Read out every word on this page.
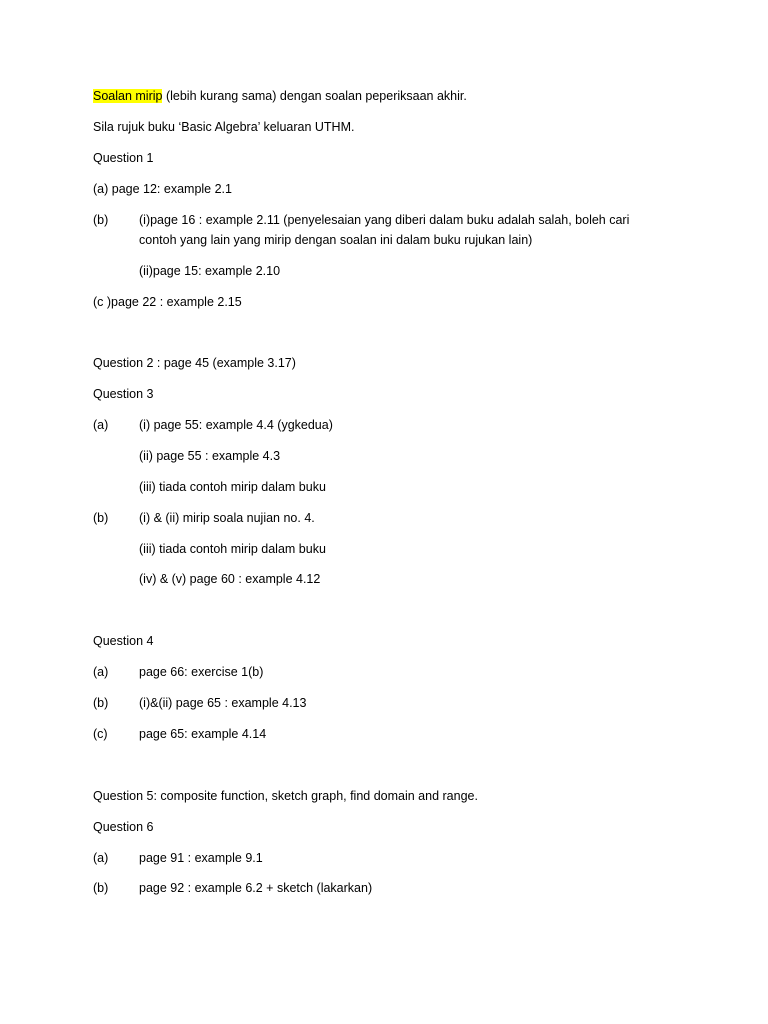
Soalan mirip (lebih kurang sama) dengan soalan peperiksaan akhir.
Sila rujuk buku ‘Basic Algebra’ keluaran UTHM.
Question 1
(a) page 12: example 2.1
(b) (i)page 16 : example 2.11 (penyelesaian yang diberi dalam buku adalah salah, boleh cari
contoh yang lain yang mirip dengan soalan ini dalam buku rujukan lain)
(ii)page 15: example 2.10
(c )page 22 : example 2.15
Question 2 : page 45 (example 3.17)
Question 3
(a) (i) page 55: example 4.4 (ygkedua)
(ii) page 55 : example 4.3
(iii) tiada contoh mirip dalam buku
(b) (i) & (ii) mirip soala nujian no. 4.
(iii) tiada contoh mirip dalam buku
(iv) & (v) page 60 : example 4.12
Question 4
(a) page 66: exercise 1(b)
(b) (i)&(ii) page 65 : example 4.13
(c)	page 65: example 4.14
Question 5: composite function, sketch graph, find domain and range.
Question 6
(a) page 91 : example 9.1
(b) page 92 : example 6.2 + sketch (lakarkan)
